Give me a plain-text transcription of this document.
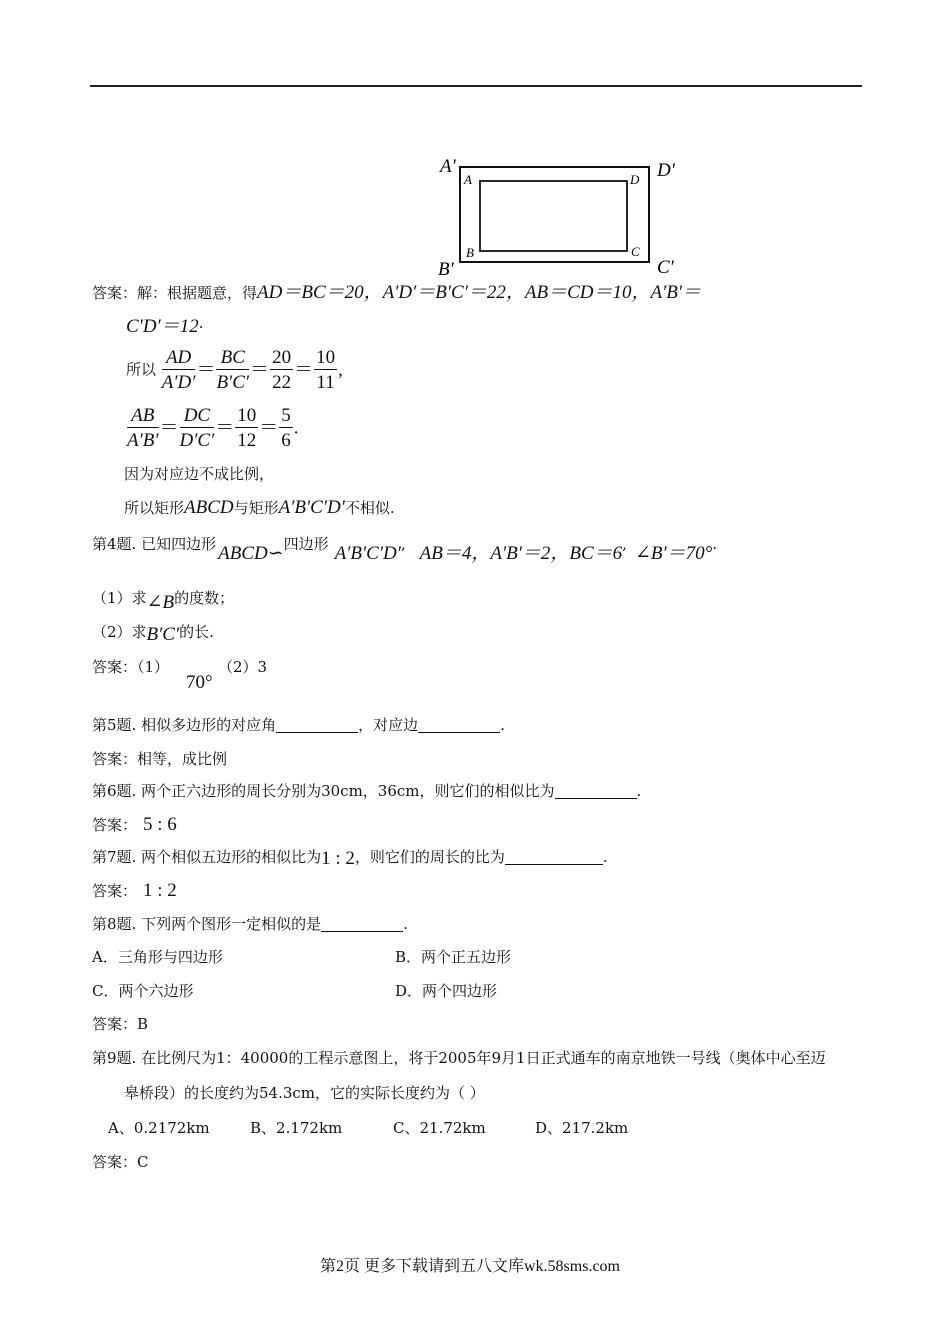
A′	D′
B′	C′
A	D
B	C
答案：解：根据题意，得AD＝BC＝20，A′D′＝B′C′＝22，AB＝CD＝10，A′B′＝
C′D′＝12·
所以 $\frac{AD}{A'D'} = \frac{BC}{B'C'} = \frac{20}{22} = \frac{10}{11}$ ,
$\frac{AB}{A'B'} = \frac{DC}{D'C'} = \frac{10}{12} = \frac{5}{6}$ .
因为对应边不成比例，
所以矩形ABCD与矩形A′B′C′D′不相似.
第4题. 已知四边形 ABCD∽四边形 A′B′C′D′, AB＝4，A′B′＝2，BC＝6, ∠B′＝70°.
（1）求∠B的度数；
（2）求B′C′的长.
答案：（1）
70°
（2）3
第5题. 相似多边形的对应角	，对应边	.
答案：相等，成比例
第6题. 两个正六边形的周长分别为30cm，36cm，则它们的相似比为	.
答案： 5 : 6
第7题. 两个相似五边形的相似比为1 : 2，则它们的周长的比为	.
答案： 1 : 2
第8题. 下列两个图形一定相似的是	.
A．三角形与四边形	B．两个正五边形
C．两个六边形	D．两个四边形
答案：B
第9题. 在比例尺为1：40000的工程示意图上，将于2005年9月1日正式通车的南京地铁一号线（奥体中心至迈
皋桥段）的长度约为54.3cm，它的实际长度约为（ ）
A、0.2172km	B、2.172km	C、21.72km	D、217.2km
答案：C
第2页 更多下载请到五八文库wk.58sms.com
